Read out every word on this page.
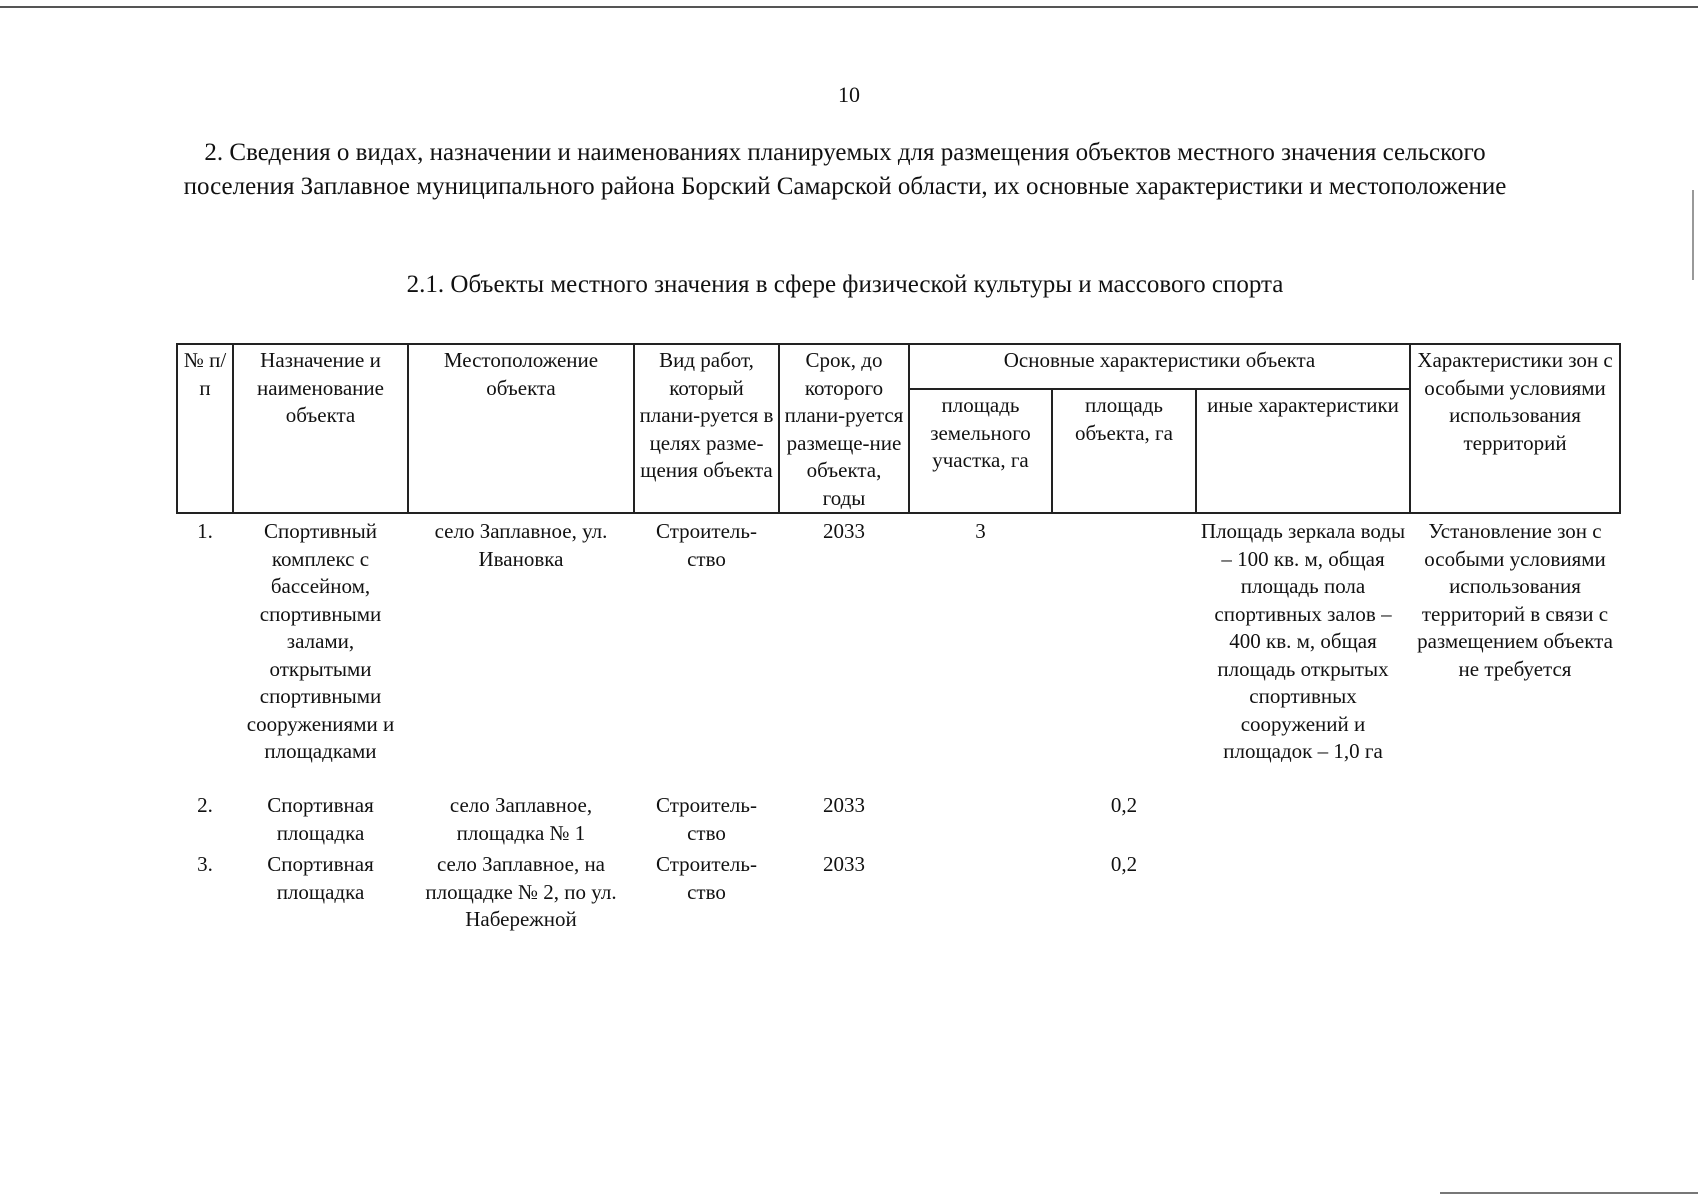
10
2. Сведения о видах, назначении и наименованиях планируемых для размещения объектов местного значения сельского поселения Заплавное муниципального района Борский Самарской области, их основные характеристики и местоположение
2.1. Объекты местного значения в сфере физической культуры и массового спорта
№ п/п	Назначение и наименование объекта	Местоположение объекта	Вид работ, который плани-руется в целях разме-щения объекта	Срок, до которого плани-руется размеще-ние объекта, годы	Основные характеристики объекта			Характеристики зон с особыми условиями использования территорий
					площадь земельного участка, га	площадь объекта, га	иные характеристики	
1.	Спортивный комплекс с бассейном, спортивными залами, открытыми спортивными сооружениями и площадками	село Заплавное, ул. Ивановка	Строитель-ство	2033	3		Площадь зеркала воды – 100 кв. м, общая площадь пола спортивных залов – 400 кв. м, общая площадь открытых спортивных сооружений и площадок – 1,0 га	Установление зон с особыми условиями использования территорий в связи с размещением объекта не требуется
2.	Спортивная площадка	село Заплавное, площадка № 1	Строитель-ство	2033		0,2		
3.	Спортивная площадка	село Заплавное, на площадке № 2, по ул. Набережной	Строитель-ство	2033		0,2		
